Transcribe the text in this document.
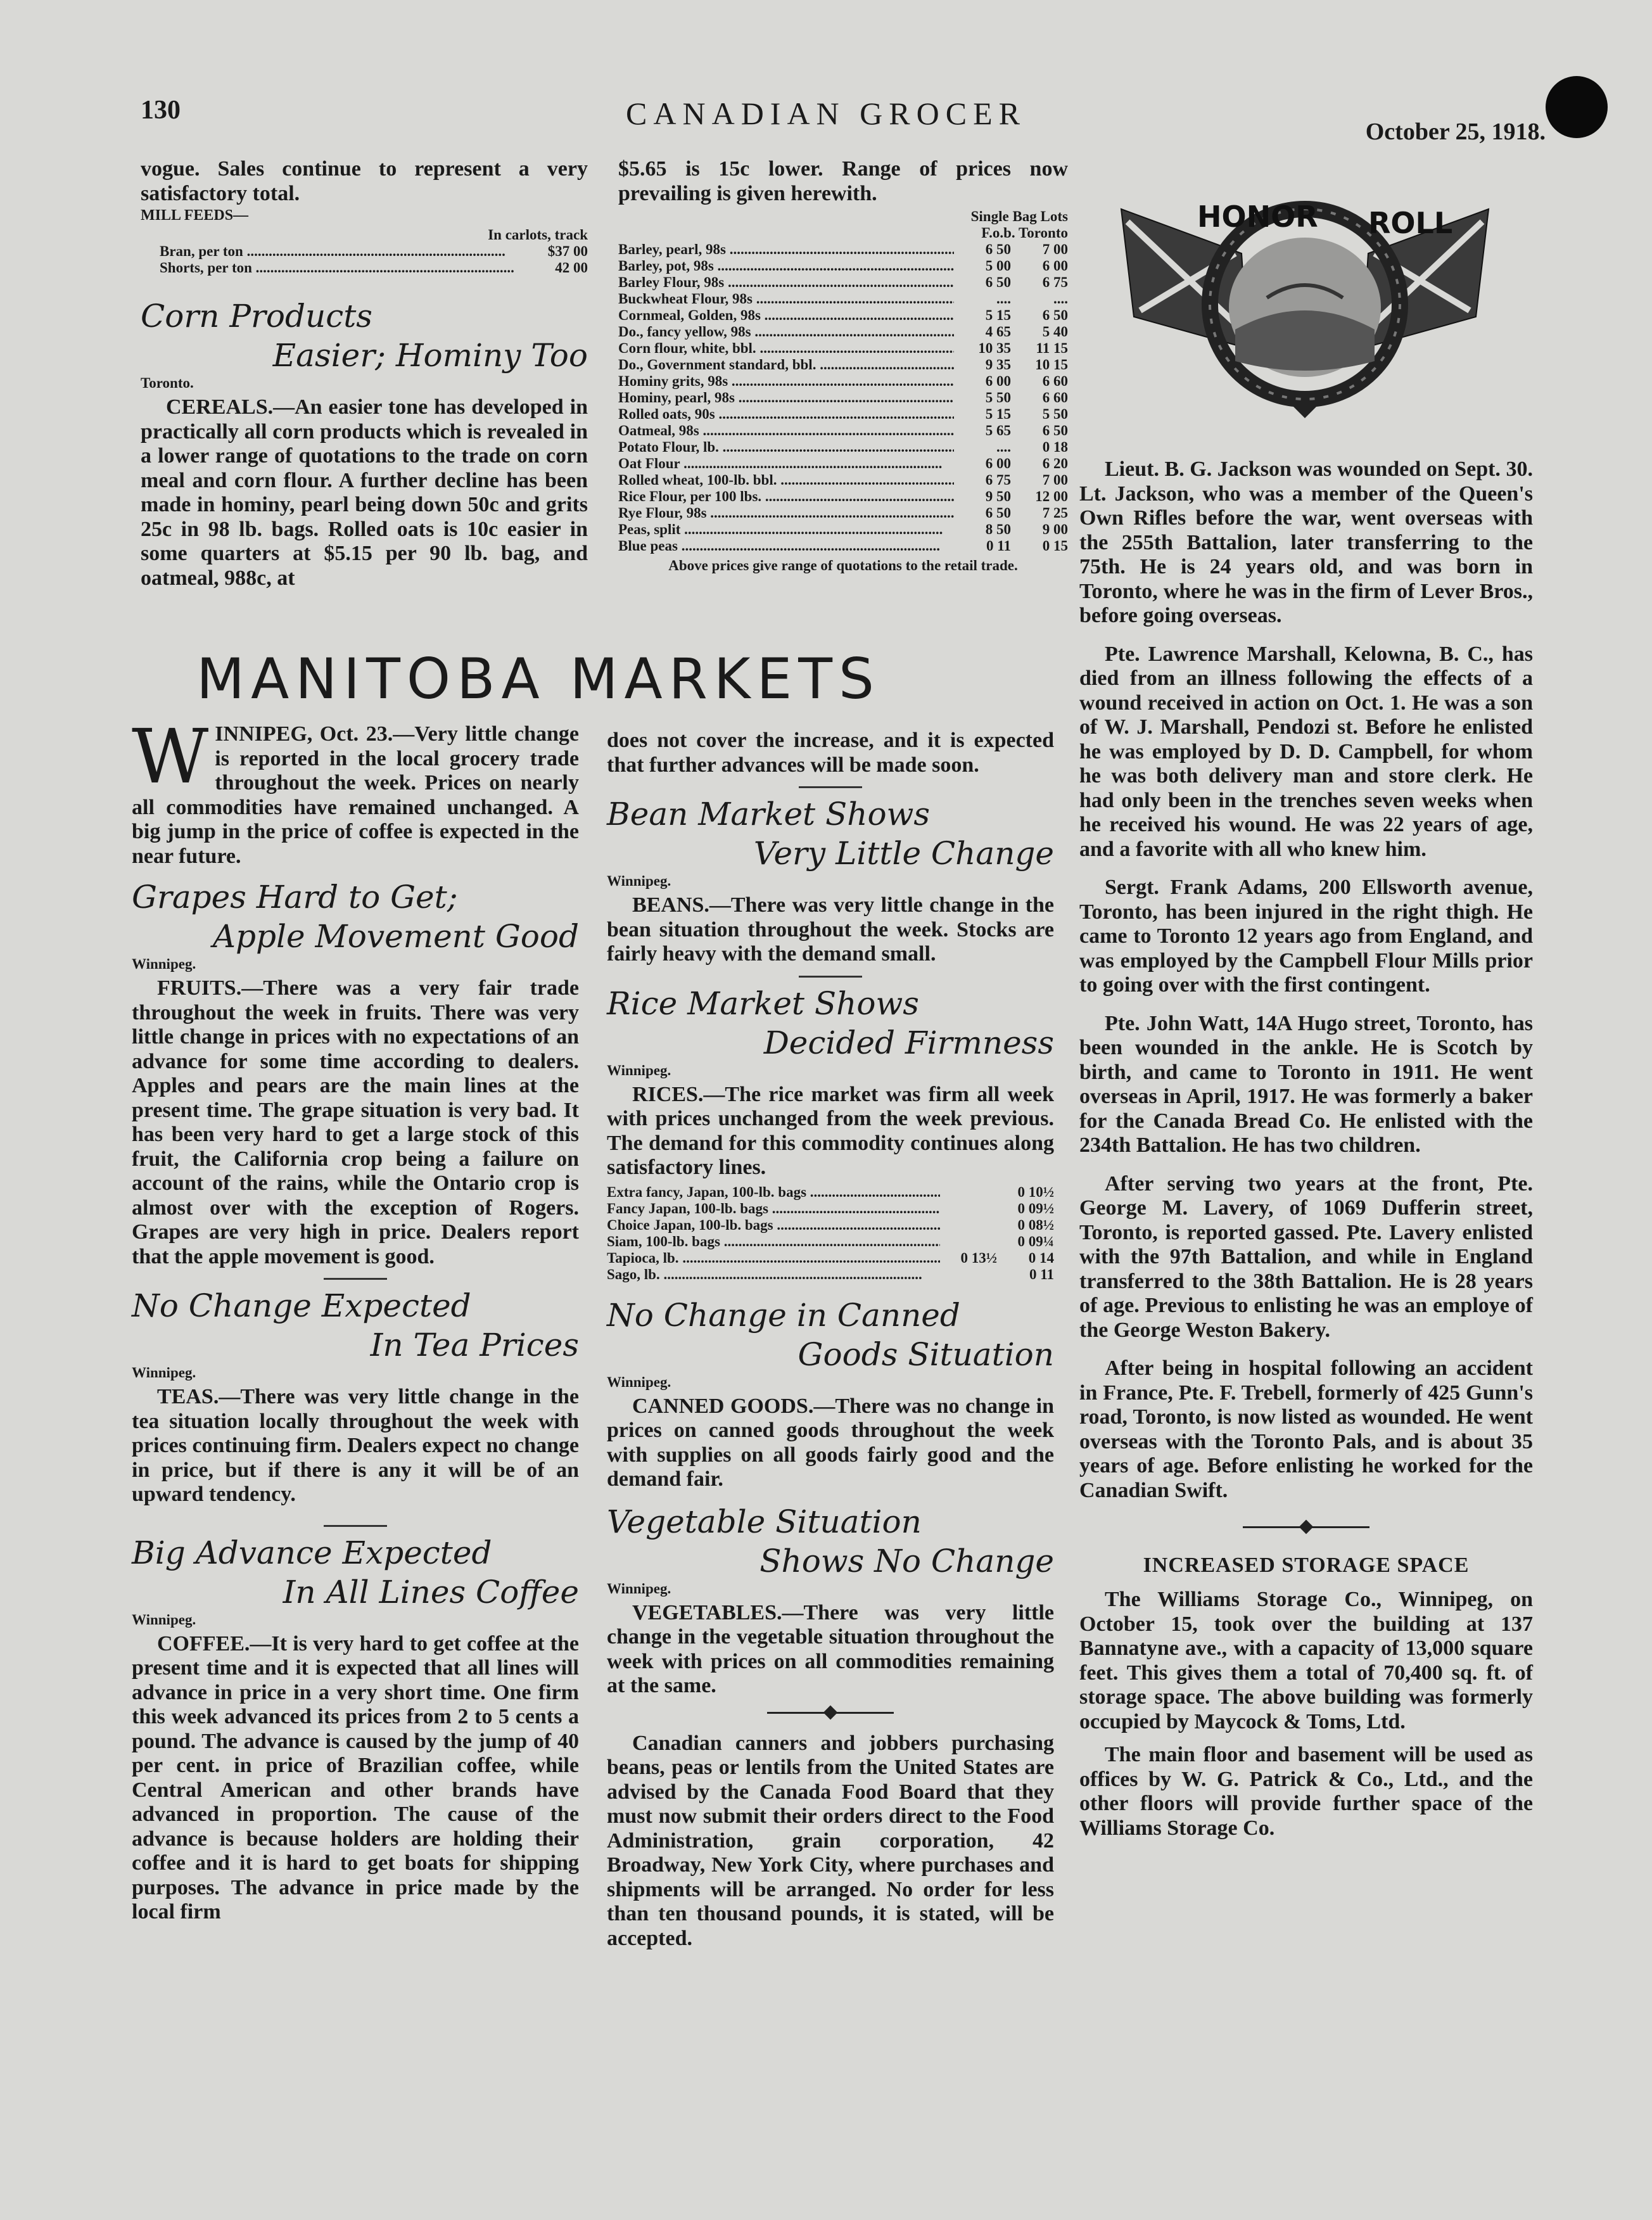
130	CANADIAN GROCER
October 25, 1918.

vogue. Sales continue to represent a very satisfactory total.

MILL FEEDS—
In carlots, track
Bran, per ton .....	$37 00
Shorts, per ton .....	42 00
Corn Products
Easier; Hominy Too
Toronto.

CEREALS.—An easier tone has developed in practically all corn products which is revealed in a lower range of quotations to the trade on corn meal and corn flour. A further decline has been made in hominy, pearl being down 50c and grits 25c in 98 lb. bags. Rolled oats is 10c easier in some quarters at $5.15 per 90 lb. bag, and oatmeal, 988c, at

$5.65 is 15c lower. Range of prices now prevailing is given herewith.

Single Bag Lots
F.o.b. Toronto
Barley, pearl, 98s .....	6 50	7 00
Barley, pot, 98s .....	5 00	6 00
Barley Flour, 98s .....	6 50	6 75
Buckwheat Flour, 98s .....	....	....
Cornmeal, Golden, 98s .....	5 15	6 50
Do., fancy yellow, 98s .....	4 65	5 40
Corn flour, white, bbl. .....	10 35	11 15
Do., Government standard, bbl. .....	9 35	10 15
Hominy grits, 98s .....	6 00	6 60
Hominy, pearl, 98s .....	5 50	6 60
Rolled oats, 90s .....	5 15	5 50
Oatmeal, 98s .....	5 65	6 50
Potato Flour, lb. .....	....	0 18
Oat Flour .....	6 00	6 20
Rolled wheat, 100-lb. bbl. .....	6 75	7 00
Rice Flour, per 100 lbs. .....	9 50	12 00
Rye Flour, 98s .....	6 50	7 25
Peas, split .....	8 50	9 00
Blue peas .....	0 11	0 15
Above prices give range of quotations to the retail trade.
HONOR ROLL
MANITOBA MARKETS

WINNIPEG, Oct. 23.—Very little change is reported in the local grocery trade throughout the week. Prices on nearly all commodities have remained unchanged. A big jump in the price of coffee is expected in the near future.

Grapes Hard to Get;
Apple Movement Good
Winnipeg.

FRUITS.—There was a very fair trade throughout the week in fruits. There was very little change in prices with no expectations of an advance for some time according to dealers. Apples and pears are the main lines at the present time. The grape situation is very bad. It has been very hard to get a large stock of this fruit, the California crop being a failure on account of the rains, while the Ontario crop is almost over with the exception of Rogers. Grapes are very high in price. Dealers report that the apple movement is good.

No Change Expected
In Tea Prices
Winnipeg.

TEAS.—There was very little change in the tea situation locally throughout the week with prices continuing firm. Dealers expect no change in price, but if there is any it will be of an upward tendency.

Big Advance Expected
In All Lines Coffee
Winnipeg.

COFFEE.—It is very hard to get coffee at the present time and it is expected that all lines will advance in price in a very short time. One firm this week advanced its prices from 2 to 5 cents a pound. The advance is caused by the jump of 40 per cent. in price of Brazilian coffee, while Central American and other brands have advanced in proportion. The cause of the advance is because holders are holding their coffee and it is hard to get boats for shipping purposes. The advance in price made by the local firm

does not cover the increase, and it is expected that further advances will be made soon.

Bean Market Shows
Very Little Change
Winnipeg.

BEANS.—There was very little change in the bean situation throughout the week. Stocks are fairly heavy with the demand small.

Rice Market Shows
Decided Firmness
Winnipeg.

RICES.—The rice market was firm all week with prices unchanged from the week previous. The demand for this commodity continues along satisfactory lines.

Extra fancy, Japan, 100-lb. bags .....		0 10½
Fancy Japan, 100-lb. bags .....		0 09½
Choice Japan, 100-lb. bags .....		0 08½
Siam, 100-lb. bags .....		0 09¼
Tapioca, lb. .....	0 13½	0 14
Sago, lb. .....		0 11
No Change in Canned
Goods Situation
Winnipeg.

CANNED GOODS.—There was no change in prices on canned goods throughout the week with supplies on all goods fairly good and the demand fair.

Vegetable Situation
Shows No Change
Winnipeg.

VEGETABLES.—There was very little change in the vegetable situation throughout the week with prices on all commodities remaining at the same.

Canadian canners and jobbers purchasing beans, peas or lentils from the United States are advised by the Canada Food Board that they must now submit their orders direct to the Food Administration, grain corporation, 42 Broadway, New York City, where purchases and shipments will be arranged. No order for less than ten thousand pounds, it is stated, will be accepted.

Lieut. B. G. Jackson was wounded on Sept. 30. Lt. Jackson, who was a member of the Queen's Own Rifles before the war, went overseas with the 255th Battalion, later transferring to the 75th. He is 24 years old, and was born in Toronto, where he was in the firm of Lever Bros., before going overseas.

Pte. Lawrence Marshall, Kelowna, B. C., has died from an illness following the effects of a wound received in action on Oct. 1. He was a son of W. J. Marshall, Pendozi st. Before he enlisted he was employed by D. D. Campbell, for whom he was both delivery man and store clerk. He had only been in the trenches seven weeks when he received his wound. He was 22 years of age, and a favorite with all who knew him.

Sergt. Frank Adams, 200 Ellsworth avenue, Toronto, has been injured in the right thigh. He came to Toronto 12 years ago from England, and was employed by the Campbell Flour Mills prior to going over with the first contingent.

Pte. John Watt, 14A Hugo street, Toronto, has been wounded in the ankle. He is Scotch by birth, and came to Toronto in 1911. He went overseas in April, 1917. He was formerly a baker for the Canada Bread Co. He enlisted with the 234th Battalion. He has two children.

After serving two years at the front, Pte. George M. Lavery, of 1069 Dufferin street, Toronto, is reported gassed. Pte. Lavery enlisted with the 97th Battalion, and while in England transferred to the 38th Battalion. He is 28 years of age. Previous to enlisting he was an employe of the George Weston Bakery.

After being in hospital following an accident in France, Pte. F. Trebell, formerly of 425 Gunn's road, Toronto, is now listed as wounded. He went overseas with the Toronto Pals, and is about 35 years of age. Before enlisting he worked for the Canadian Swift.

INCREASED STORAGE SPACE

The Williams Storage Co., Winnipeg, on October 15, took over the building at 137 Bannatyne ave., with a capacity of 13,000 square feet. This gives them a total of 70,400 sq. ft. of storage space. The above building was formerly occupied by Maycock & Toms, Ltd.

The main floor and basement will be used as offices by W. G. Patrick & Co., Ltd., and the other floors will provide further space of the Williams Storage Co.
